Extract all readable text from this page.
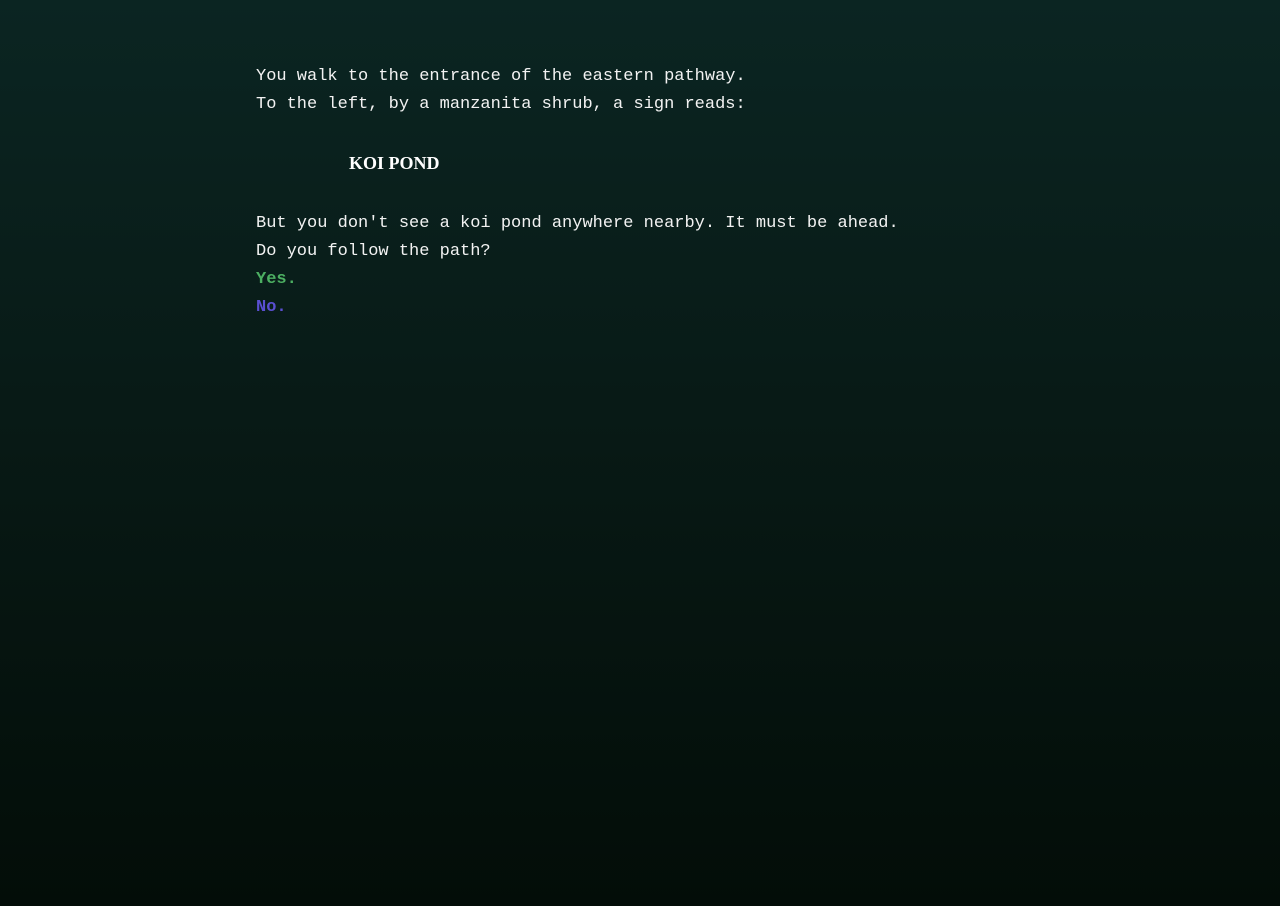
You walk to the entrance of the eastern pathway.
To the left, by a manzanita shrub, a sign reads:
KOI POND
But you don't see a koi pond anywhere nearby. It must be ahead.
Do you follow the path?
Yes.
No.
